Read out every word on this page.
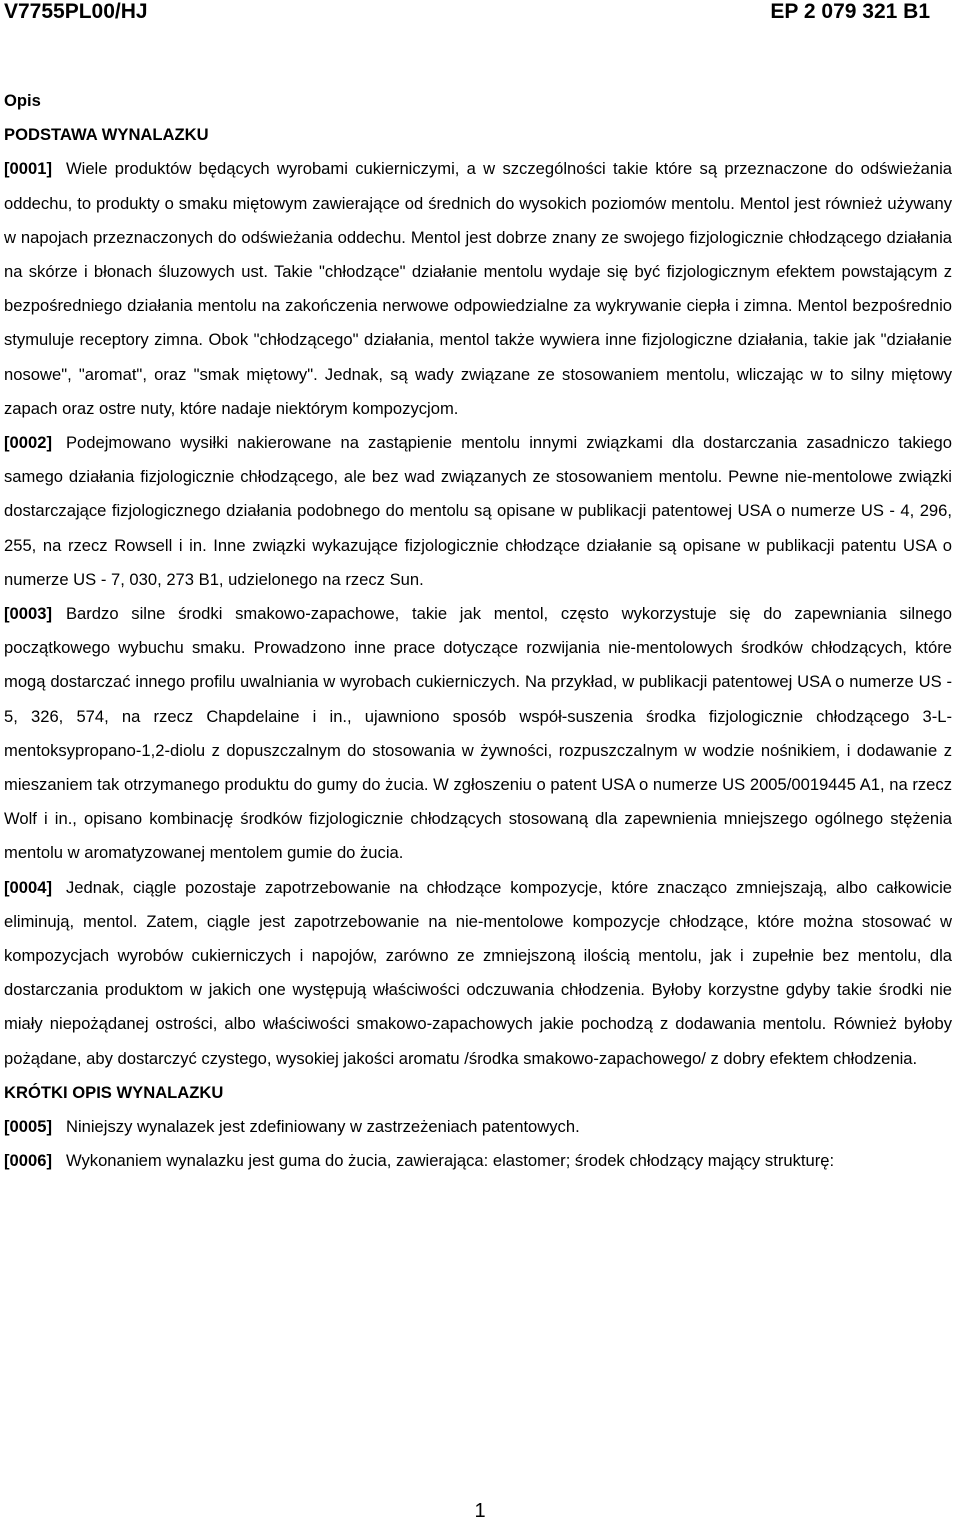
V7755PL00/HJ	EP 2 079 321 B1

Opis

PODSTAWA WYNALAZKU

[0001] Wiele produktów będących wyrobami cukierniczymi, a w szczególności takie które są przeznaczone do odświeżania oddechu, to produkty o smaku miętowym zawierające od średnich do wysokich poziomów mentolu. Mentol jest również używany w napojach przeznaczonych do odświeżania oddechu. Mentol jest dobrze znany ze swojego fizjologicznie chłodzącego działania na skórze i błonach śluzowych ust. Takie "chłodzące" działanie mentolu wydaje się być fizjologicznym efektem powstającym z bezpośredniego działania mentolu na zakończenia nerwowe odpowiedzialne za wykrywanie ciepła i zimna. Mentol bezpośrednio stymuluje receptory zimna. Obok "chłodzącego" działania, mentol także wywiera inne fizjologiczne działania, takie jak "działanie nosowe", "aromat", oraz "smak miętowy". Jednak, są wady związane ze stosowaniem mentolu, wliczając w to silny miętowy zapach oraz ostre nuty, które nadaje niektórym kompozycjom.

[0002] Podejmowano wysiłki nakierowane na zastąpienie mentolu innymi związkami dla dostarczania zasadniczo takiego samego działania fizjologicznie chłodzącego, ale bez wad związanych ze stosowaniem mentolu. Pewne nie-mentolowe związki dostarczające fizjologicznego działania podobnego do mentolu są opisane w publikacji patentowej USA o numerze US - 4, 296, 255, na rzecz Rowsell i in. Inne związki wykazujące fizjologicznie chłodzące działanie są opisane w publikacji patentu USA o numerze US - 7, 030, 273 B1, udzielonego na rzecz Sun.

[0003] Bardzo silne środki smakowo-zapachowe, takie jak mentol, często wykorzystuje się do zapewniania silnego początkowego wybuchu smaku. Prowadzono inne prace dotyczące rozwijania nie-mentolowych środków chłodzących, które mogą dostarczać innego profilu uwalniania w wyrobach cukierniczych. Na przykład, w publikacji patentowej USA o numerze US - 5, 326, 574, na rzecz Chapdelaine i in., ujawniono sposób współ-suszenia środka fizjologicznie chłodzącego 3-L-mentoksypropano-1,2-diolu z dopuszczalnym do stosowania w żywności, rozpuszczalnym w wodzie nośnikiem, i dodawanie z mieszaniem tak otrzymanego produktu do gumy do żucia. W zgłoszeniu o patent USA o numerze US 2005/0019445 A1, na rzecz Wolf i in., opisano kombinację środków fizjologicznie chłodzących stosowaną dla zapewnienia mniejszego ogólnego stężenia mentolu w aromatyzowanej mentolem gumie do żucia.

[0004] Jednak, ciągle pozostaje zapotrzebowanie na chłodzące kompozycje, które znacząco zmniejszają, albo całkowicie eliminują, mentol. Zatem, ciągle jest zapotrzebowanie na nie-mentolowe kompozycje chłodzące, które można stosować w kompozycjach wyrobów cukierniczych i napojów, zarówno ze zmniejszoną ilością mentolu, jak i zupełnie bez mentolu, dla dostarczania produktom w jakich one występują właściwości odczuwania chłodzenia. Byłoby korzystne gdyby takie środki nie miały niepożądanej ostrości, albo właściwości smakowo-zapachowych jakie pochodzą z dodawania mentolu. Również byłoby pożądane, aby dostarczyć czystego, wysokiej jakości aromatu /środka smakowo-zapachowego/ z dobry efektem chłodzenia.

KRÓTKI OPIS WYNALAZKU

[0005] Niniejszy wynalazek jest zdefiniowany w zastrzeżeniach patentowych.

[0006] Wykonaniem wynalazku jest guma do żucia, zawierająca: elastomer; środek chłodzący mający strukturę:

1
